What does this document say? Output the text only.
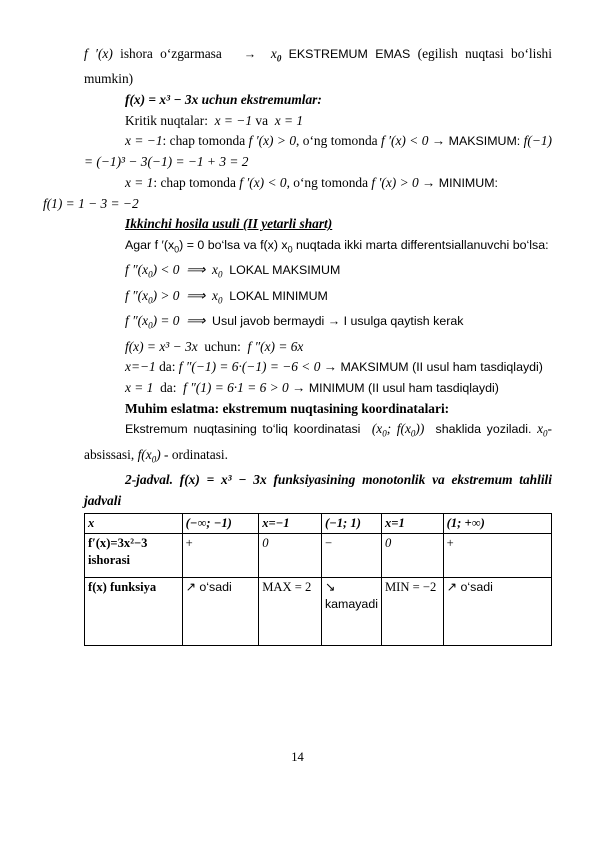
f ′(x) ishora o‘zgarmasa   →  $x_0$ EKSTREMUM EMAS (egilish nuqtasi bo‘lishi mumkin)

f(x) = x³ − 3x uchun ekstremumlar:

Kritik nuqtalar:  x = −1 va  x = 1

x = −1: chap tomonda f ′(x) > 0, o‘ng tomonda f ′(x) < 0 → MAKSIMUM: f(−1) = (−1)³ − 3(−1) = −1 + 3 = 2

x = 1: chap tomonda f ′(x) < 0, o‘ng tomonda f ′(x) > 0 → MINIMUM:
f(1) = 1 − 3 = −2

Ikkinchi hosila usuli (II yetarli shart)

Agar f $'(x_0) = 0$ bo‘lsa va f(x) $x_0$ nuqtada ikki marta differentsiallanuvchi bo‘lsa:

f $''(x_0) < 0$  ⟹  $x_0$ LOKAL MAKSIMUM

f $''(x_0) > 0$  ⟹  $x_0$ LOKAL MINIMUM

f $''(x_0) = 0$  ⟹ Usul javob bermaydi → I usulga qaytish kerak

f(x) = x³ − 3x  uchun:  f ″(x) = 6x

x=−1 da: f ″(−1) = 6·(−1) = −6 < 0 → MAKSIMUM (II usul ham tasdiqlaydi)

x = 1  da:  f ″(1) = 6·1 = 6 > 0 → MINIMUM (II usul ham tasdiqlaydi)

Muhim eslatma: ekstremum nuqtasining koordinatalari:

Ekstremum nuqtasining to‘liq koordinatasi  ($x_0$; $f(x_0)$) shaklida yoziladi. $x_0$-absissasi, $f(x_0)$ - ordinatasi.

2-jadval. f(x) = x³ − 3x funksiyasining monotonlik va ekstremum tahlili jadvali

x	(−∞; −1)	x=−1	(−1; 1)	x=1	(1; +∞)
f′(x)=3x²−3 ishorasi	+	0	−	0	+
f(x) funksiya	↗ o‘sadi	MAX = 2	↘ kamayadi	MIN = −2	↗ o‘sadi
14
